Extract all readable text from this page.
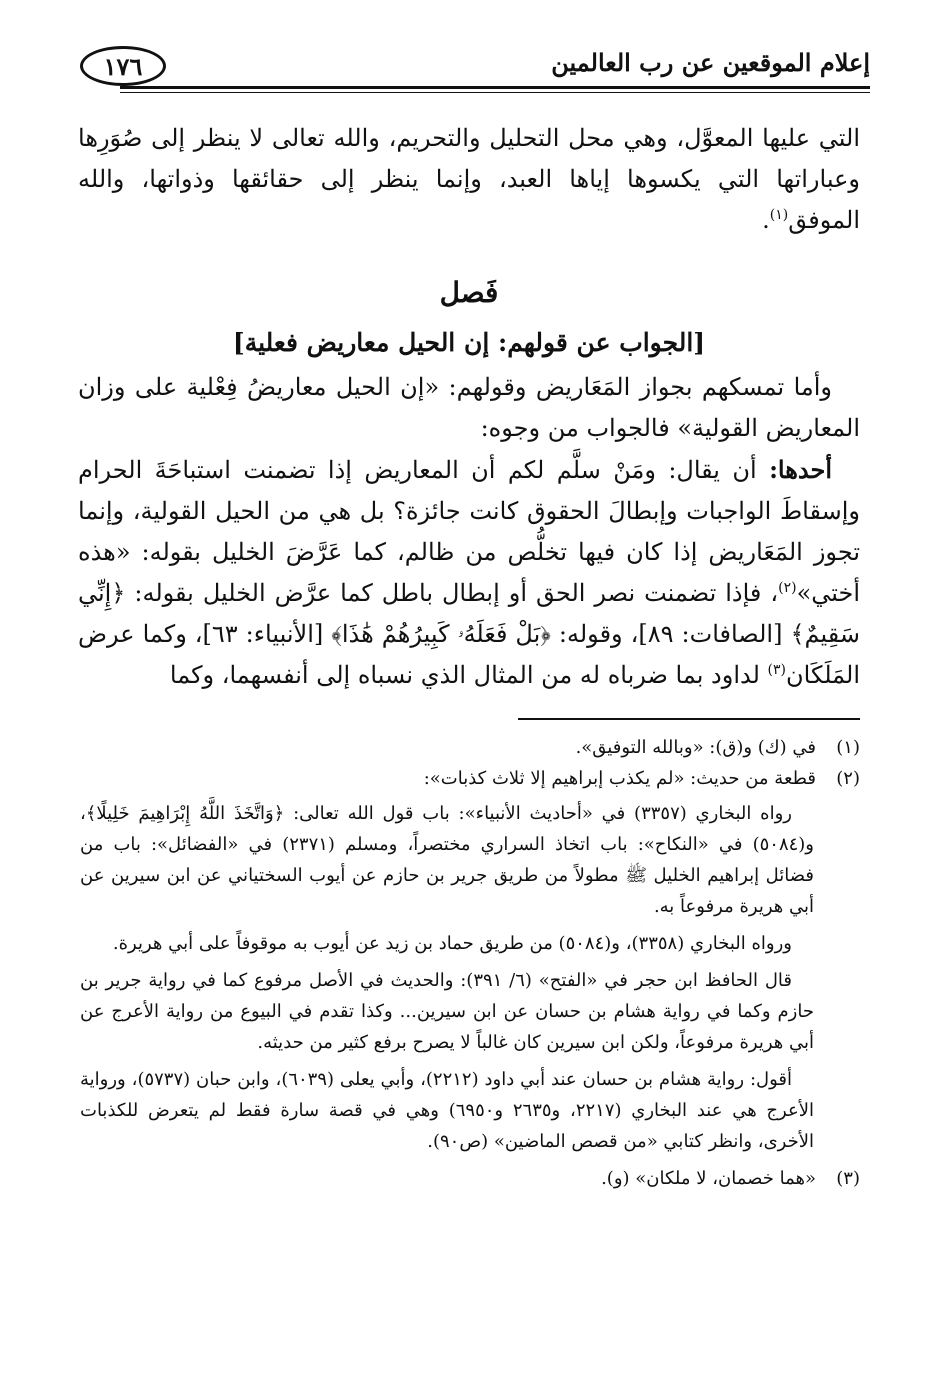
إعلام الموقعين عن رب العالمين
١٧٦

التي عليها المعوَّل، وهي محل التحليل والتحريم، والله تعالى لا ينظر إلى صُوَرِها وعباراتها التي يكسوها إياها العبد، وإنما ينظر إلى حقائقها وذواتها، والله الموفق$^{(١)}$.

فَصل
[الجواب عن قولهم: إن الحيل معاريض فعلية]

وأما تمسكهم بجواز المَعَاريض وقولهم: «إن الحيل معاريضُ فِعْلية على وزان المعاريض القولية» فالجواب من وجوه:

أحدها: أن يقال: ومَنْ سلَّم لكم أن المعاريض إذا تضمنت استباحَةَ الحرام وإسقاطَ الواجبات وإبطالَ الحقوق كانت جائزة؟ بل هي من الحيل القولية، وإنما تجوز المَعَاريض إذا كان فيها تخلُّص من ظالم، كما عَرَّضَ الخليل بقوله: «هذه أختي»$^{(٢)}$، فإذا تضمنت نصر الحق أو إبطال باطل كما عرَّض الخليل بقوله: ﴿إِنِّي سَقِيمٌ﴾ [الصافات: ٨٩]، وقوله: ﴿بَلْ فَعَلَهُۥ كَبِيرُهُمْ هَٰذَا﴾ [الأنبياء: ٦٣]، وكما عرض المَلَكَان$^{(٣)}$ لداود بما ضرباه له من المثال الذي نسباه إلى أنفسهما، وكما

(١)
في (ك) و(ق): «وبالله التوفيق».

(٢)
قطعة من حديث: «لم يكذب إبراهيم إلا ثلاث كذبات»:

رواه البخاري (٣٣٥٧) في «أحاديث الأنبياء»: باب قول الله تعالى: ﴿وَاتَّخَذَ اللَّهُ إِبْرَاهِيمَ خَلِيلًا﴾، و(٥٠٨٤) في «النكاح»: باب اتخاذ السراري مختصراً، ومسلم (٢٣٧١) في «الفضائل»: باب من فضائل إبراهيم الخليل ﷺ مطولاً من طريق جرير بن حازم عن أيوب السختياني عن ابن سيرين عن أبي هريرة مرفوعاً به.

ورواه البخاري (٣٣٥٨)، و(٥٠٨٤) من طريق حماد بن زيد عن أيوب به موقوفاً على أبي هريرة.

قال الحافظ ابن حجر في «الفتح» (٦/ ٣٩١): والحديث في الأصل مرفوع كما في رواية جرير بن حازم وكما في رواية هشام بن حسان عن ابن سيرين... وكذا تقدم في البيوع من رواية الأعرج عن أبي هريرة مرفوعاً، ولكن ابن سيرين كان غالباً لا يصرح برفع كثير من حديثه.

أقول: رواية هشام بن حسان عند أبي داود (٢٢١٢)، وأبي يعلى (٦٠٣٩)، وابن حبان (٥٧٣٧)، ورواية الأعرج هي عند البخاري (٢٢١٧، و٢٦٣٥ و٦٩٥٠) وهي في قصة سارة فقط لم يتعرض للكذبات الأخرى، وانظر كتابي «من قصص الماضين» (ص٩٠).

(٣)
«هما خصمان، لا ملكان» (و).
